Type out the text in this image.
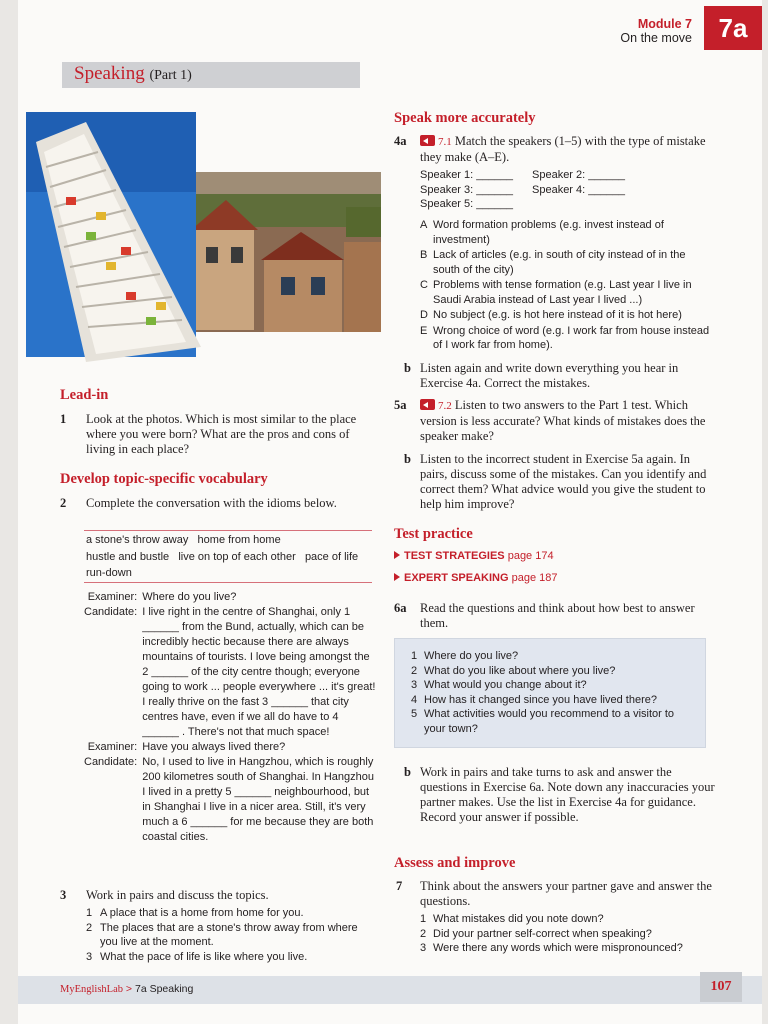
Module 7
On the move	7a
Speaking (Part 1)
Lead-in
1 Look at the photos. Which is most similar to the place where you were born? What are the pros and cons of living in each place?
Develop topic-specific vocabulary
2 Complete the conversation with the idioms below.
a stone's throw away home from home
hustle and bustle live on top of each other pace of life
run-down
Examiner:	Where do you live?
Candidate:	I live right in the centre of Shanghai, only 1 ______ from the Bund, actually, which can be incredibly hectic because there are always mountains of tourists. I love being amongst the 2 ______ of the city centre though; everyone going to work ... people everywhere ... it's great! I really thrive on the fast 3 ______ that city centres have, even if we all do have to 4 ______ . There's not that much space!
Examiner:	Have you always lived there?
Candidate:	No, I used to live in Hangzhou, which is roughly 200 kilometres south of Shanghai. In Hangzhou I lived in a pretty 5 ______ neighbourhood, but in Shanghai I live in a nicer area. Still, it's very much a 6 ______ for me because they are both coastal cities.
3 Work in pairs and discuss the topics.
1 A place that is a home from home for you.
2 The places that are a stone's throw away from where you live at the moment.
3 What the pace of life is like where you live.
Speak more accurately
4a	7.1 Match the speakers (1–5) with the type of mistake they make (A–E).
Speaker 1: ______	Speaker 2: ______
Speaker 3: ______	Speaker 4: ______
Speaker 5: ______
A Word formation problems (e.g. invest instead of investment)
B Lack of articles (e.g. in south of city instead of in the south of the city)
C Problems with tense formation (e.g. Last year I live in Saudi Arabia instead of Last year I lived ...)
D No subject (e.g. is hot here instead of it is hot here)
E Wrong choice of word (e.g. I work far from house instead of I work far from home).
b Listen again and write down everything you hear in Exercise 4a. Correct the mistakes.
5a	7.2 Listen to two answers to the Part 1 test. Which version is less accurate? What kinds of mistakes does the speaker make?
b Listen to the incorrect student in Exercise 5a again. In pairs, discuss some of the mistakes. Can you identify and correct them? What advice would you give the student to help him improve?
Test practice
TEST STRATEGIES page 174
EXPERT SPEAKING page 187
6a Read the questions and think about how best to answer them.
1 Where do you live?
2 What do you like about where you live?
3 What would you change about it?
4 How has it changed since you have lived there?
5 What activities would you recommend to a visitor to your town?
b Work in pairs and take turns to ask and answer the questions in Exercise 6a. Note down any inaccuracies your partner makes. Use the list in Exercise 4a for guidance. Record your answer if possible.
Assess and improve
7 Think about the answers your partner gave and answer the questions.
1 What mistakes did you note down?
2 Did your partner self-correct when speaking?
3 Were there any words which were mispronounced?
MyEnglishLab > 7a Speaking	107
